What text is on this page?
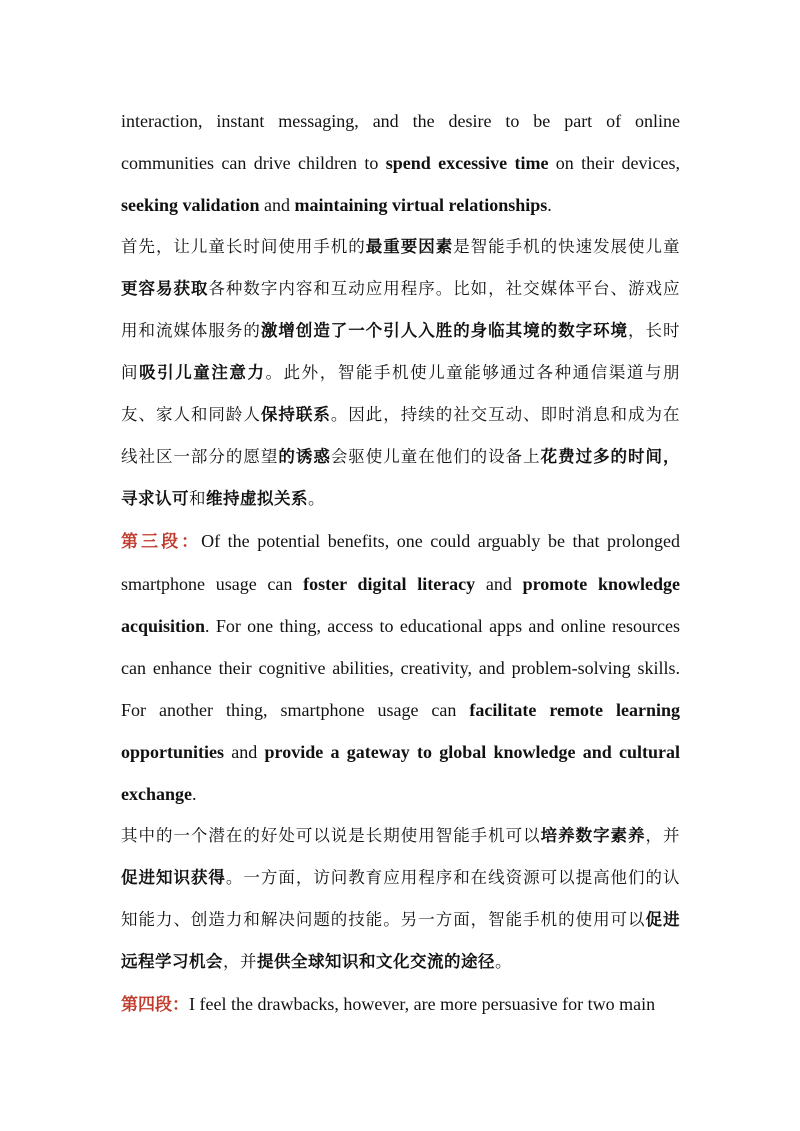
interaction, instant messaging, and the desire to be part of online communities can drive children to spend excessive time on their devices, seeking validation and maintaining virtual relationships.

首先，让儿童长时间使用手机的最重要因素是智能手机的快速发展使儿童更容易获取各种数字内容和互动应用程序。比如，社交媒体平台、游戏应用和流媒体服务的激增创造了一个引人入胜的身临其境的数字环境，长时间吸引儿童注意力。此外，智能手机使儿童能够通过各种通信渠道与朋友、家人和同龄人保持联系。因此，持续的社交互动、即时消息和成为在线社区一部分的愿望的诱惑会驱使儿童在他们的设备上花费过多的时间，寻求认可和维持虚拟关系。

第三段：Of the potential benefits, one could arguably be that prolonged smartphone usage can foster digital literacy and promote knowledge acquisition. For one thing, access to educational apps and online resources can enhance their cognitive abilities, creativity, and problem-solving skills. For another thing, smartphone usage can facilitate remote learning opportunities and provide a gateway to global knowledge and cultural exchange.

其中的一个潜在的好处可以说是长期使用智能手机可以培养数字素养，并促进知识获得。一方面，访问教育应用程序和在线资源可以提高他们的认知能力、创造力和解决问题的技能。另一方面，智能手机的使用可以促进远程学习机会，并提供全球知识和文化交流的途径。

第四段：I feel the drawbacks, however, are more persuasive for two main
